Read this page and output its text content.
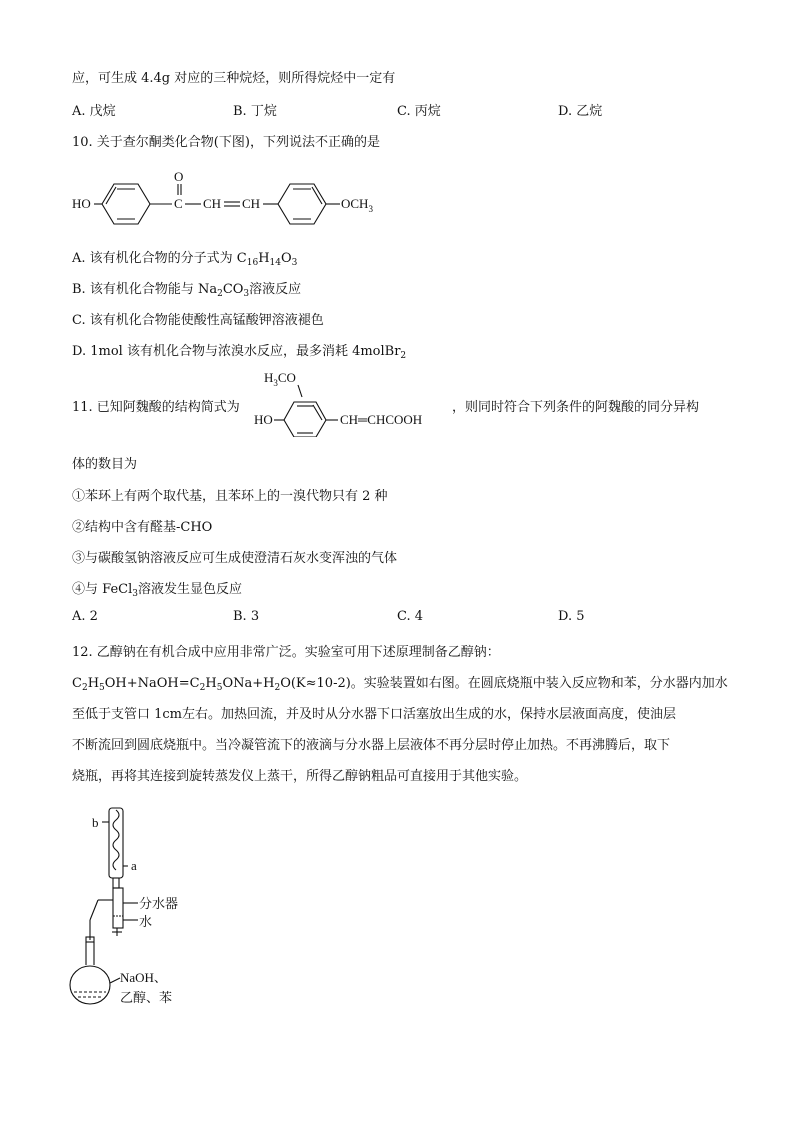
应，可生成 4.4g 对应的三种烷烃，则所得烷烃中一定有
A. 戊烷	B. 丁烷	C. 丙烷	D. 乙烷
10. 关于查尔酮类化合物(下图)，下列说法不正确的是
HO	C
O
CH CH	$OCH_3$
A. 该有机化合物的分子式为 $C_{16}H_{14}O_3$
B. 该有机化合物能与 $Na_2CO_3$溶液反应
C. 该有机化合物能使酸性高锰酸钾溶液褪色
D. 1mol 该有机化合物与浓溴水反应，最多消耗 4molBr$_2$
11. 已知阿魏酸的结构简式为
$H_3CO$
HO	CH═CHCOOH
，则同时符合下列条件的阿魏酸的同分异构
体的数目为
①苯环上有两个取代基，且苯环上的一溴代物只有 2 种
②结构中含有醛基-CHO
③与碳酸氢钠溶液反应可生成使澄清石灰水变浑浊的气体
④与 FeCl$_3$溶液发生显色反应
A. 2	B. 3	C. 4	D. 5
12. 乙醇钠在有机合成中应用非常广泛。实验室可用下述原理制备乙醇钠：
$C_2H_5OH+NaOH=C_2H_5ONa+H_2O(K\approx 10-2)$。实验装置如右图。在圆底烧瓶中装入反应物和苯，分水器内加水
至低于支管口 1cm左右。加热回流，并及时从分水器下口活塞放出生成的水，保持水层液面高度，使油层
不断流回到圆底烧瓶中。当冷凝管流下的液滴与分水器上层液体不再分层时停止加热。不再沸腾后，取下
烧瓶，再将其连接到旋转蒸发仪上蒸干，所得乙醇钠粗品可直接用于其他实验。
b
a
分水器
水
NaOH、
乙醇、苯
